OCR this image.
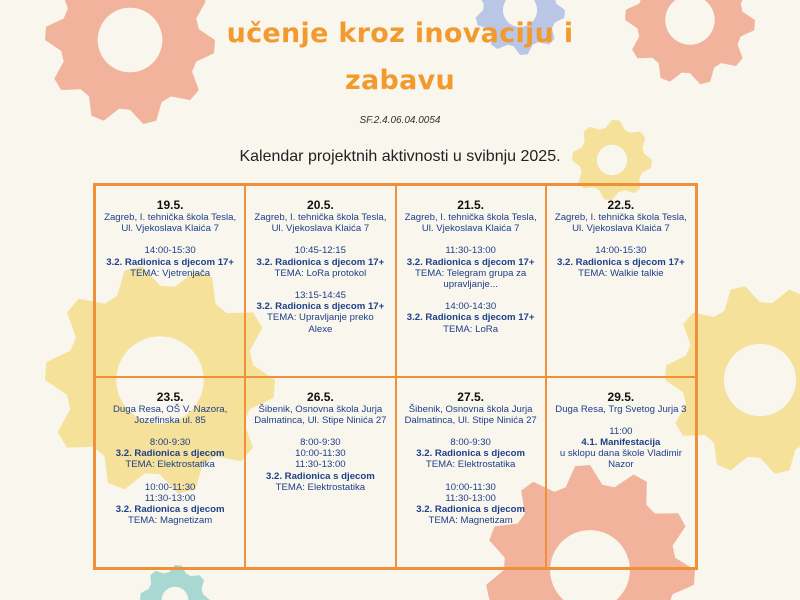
učenje kroz inovaciju i
zabavu
SF.2.4.06.04.0054
Kalendar projektnih aktivnosti u svibnju 2025.
19.5.
Zagreb, I. tehnička škola Tesla, Ul. Vjekoslava Klaića 7
14:00-15:30
3.2. Radionica s djecom 17+
TEMA: Vjetrenjača
20.5.
Zagreb, I. tehnička škola Tesla, Ul. Vjekoslava Klaića 7
10:45-12:15
3.2. Radionica s djecom 17+
TEMA: LoRa protokol
13:15-14:45
3.2. Radionica s djecom 17+
TEMA: Upravljanje preko Alexe
21.5.
Zagreb, I. tehnička škola Tesla, Ul. Vjekoslava Klaića 7
11:30-13:00
3.2. Radionica s djecom 17+
TEMA: Telegram grupa za upravljanje...
14:00-14:30
3.2. Radionica s djecom 17+
TEMA: LoRa
22.5.
Zagreb, I. tehnička škola Tesla, Ul. Vjekoslava Klaića 7
14:00-15:30
3.2. Radionica s djecom 17+
TEMA: Walkie talkie
23.5.
Duga Resa, OŠ V. Nazora, Jozefinska ul. 85
8:00-9:30
3.2. Radionica s djecom
TEMA: Elektrostatika
10:00-11:30
11:30-13:00
3.2. Radionica s djecom
TEMA: Magnetizam
26.5.
Šibenik, Osnovna škola Jurja Dalmatinca, Ul. Stipe Ninića 27
8:00-9:30
10:00-11:30
11:30-13:00
3.2. Radionica s djecom
TEMA: Elektrostatika
27.5.
Šibenik, Osnovna škola Jurja Dalmatinca, Ul. Stipe Ninića 27
8:00-9:30
3.2. Radionica s djecom
TEMA: Elektrostatika
10:00-11:30
11:30-13:00
3.2. Radionica s djecom
TEMA: Magnetizam
29.5.
Duga Resa, Trg Svetog Jurja 3
11:00
4.1. Manifestacija
u sklopu dana škole Vladimir Nazor
